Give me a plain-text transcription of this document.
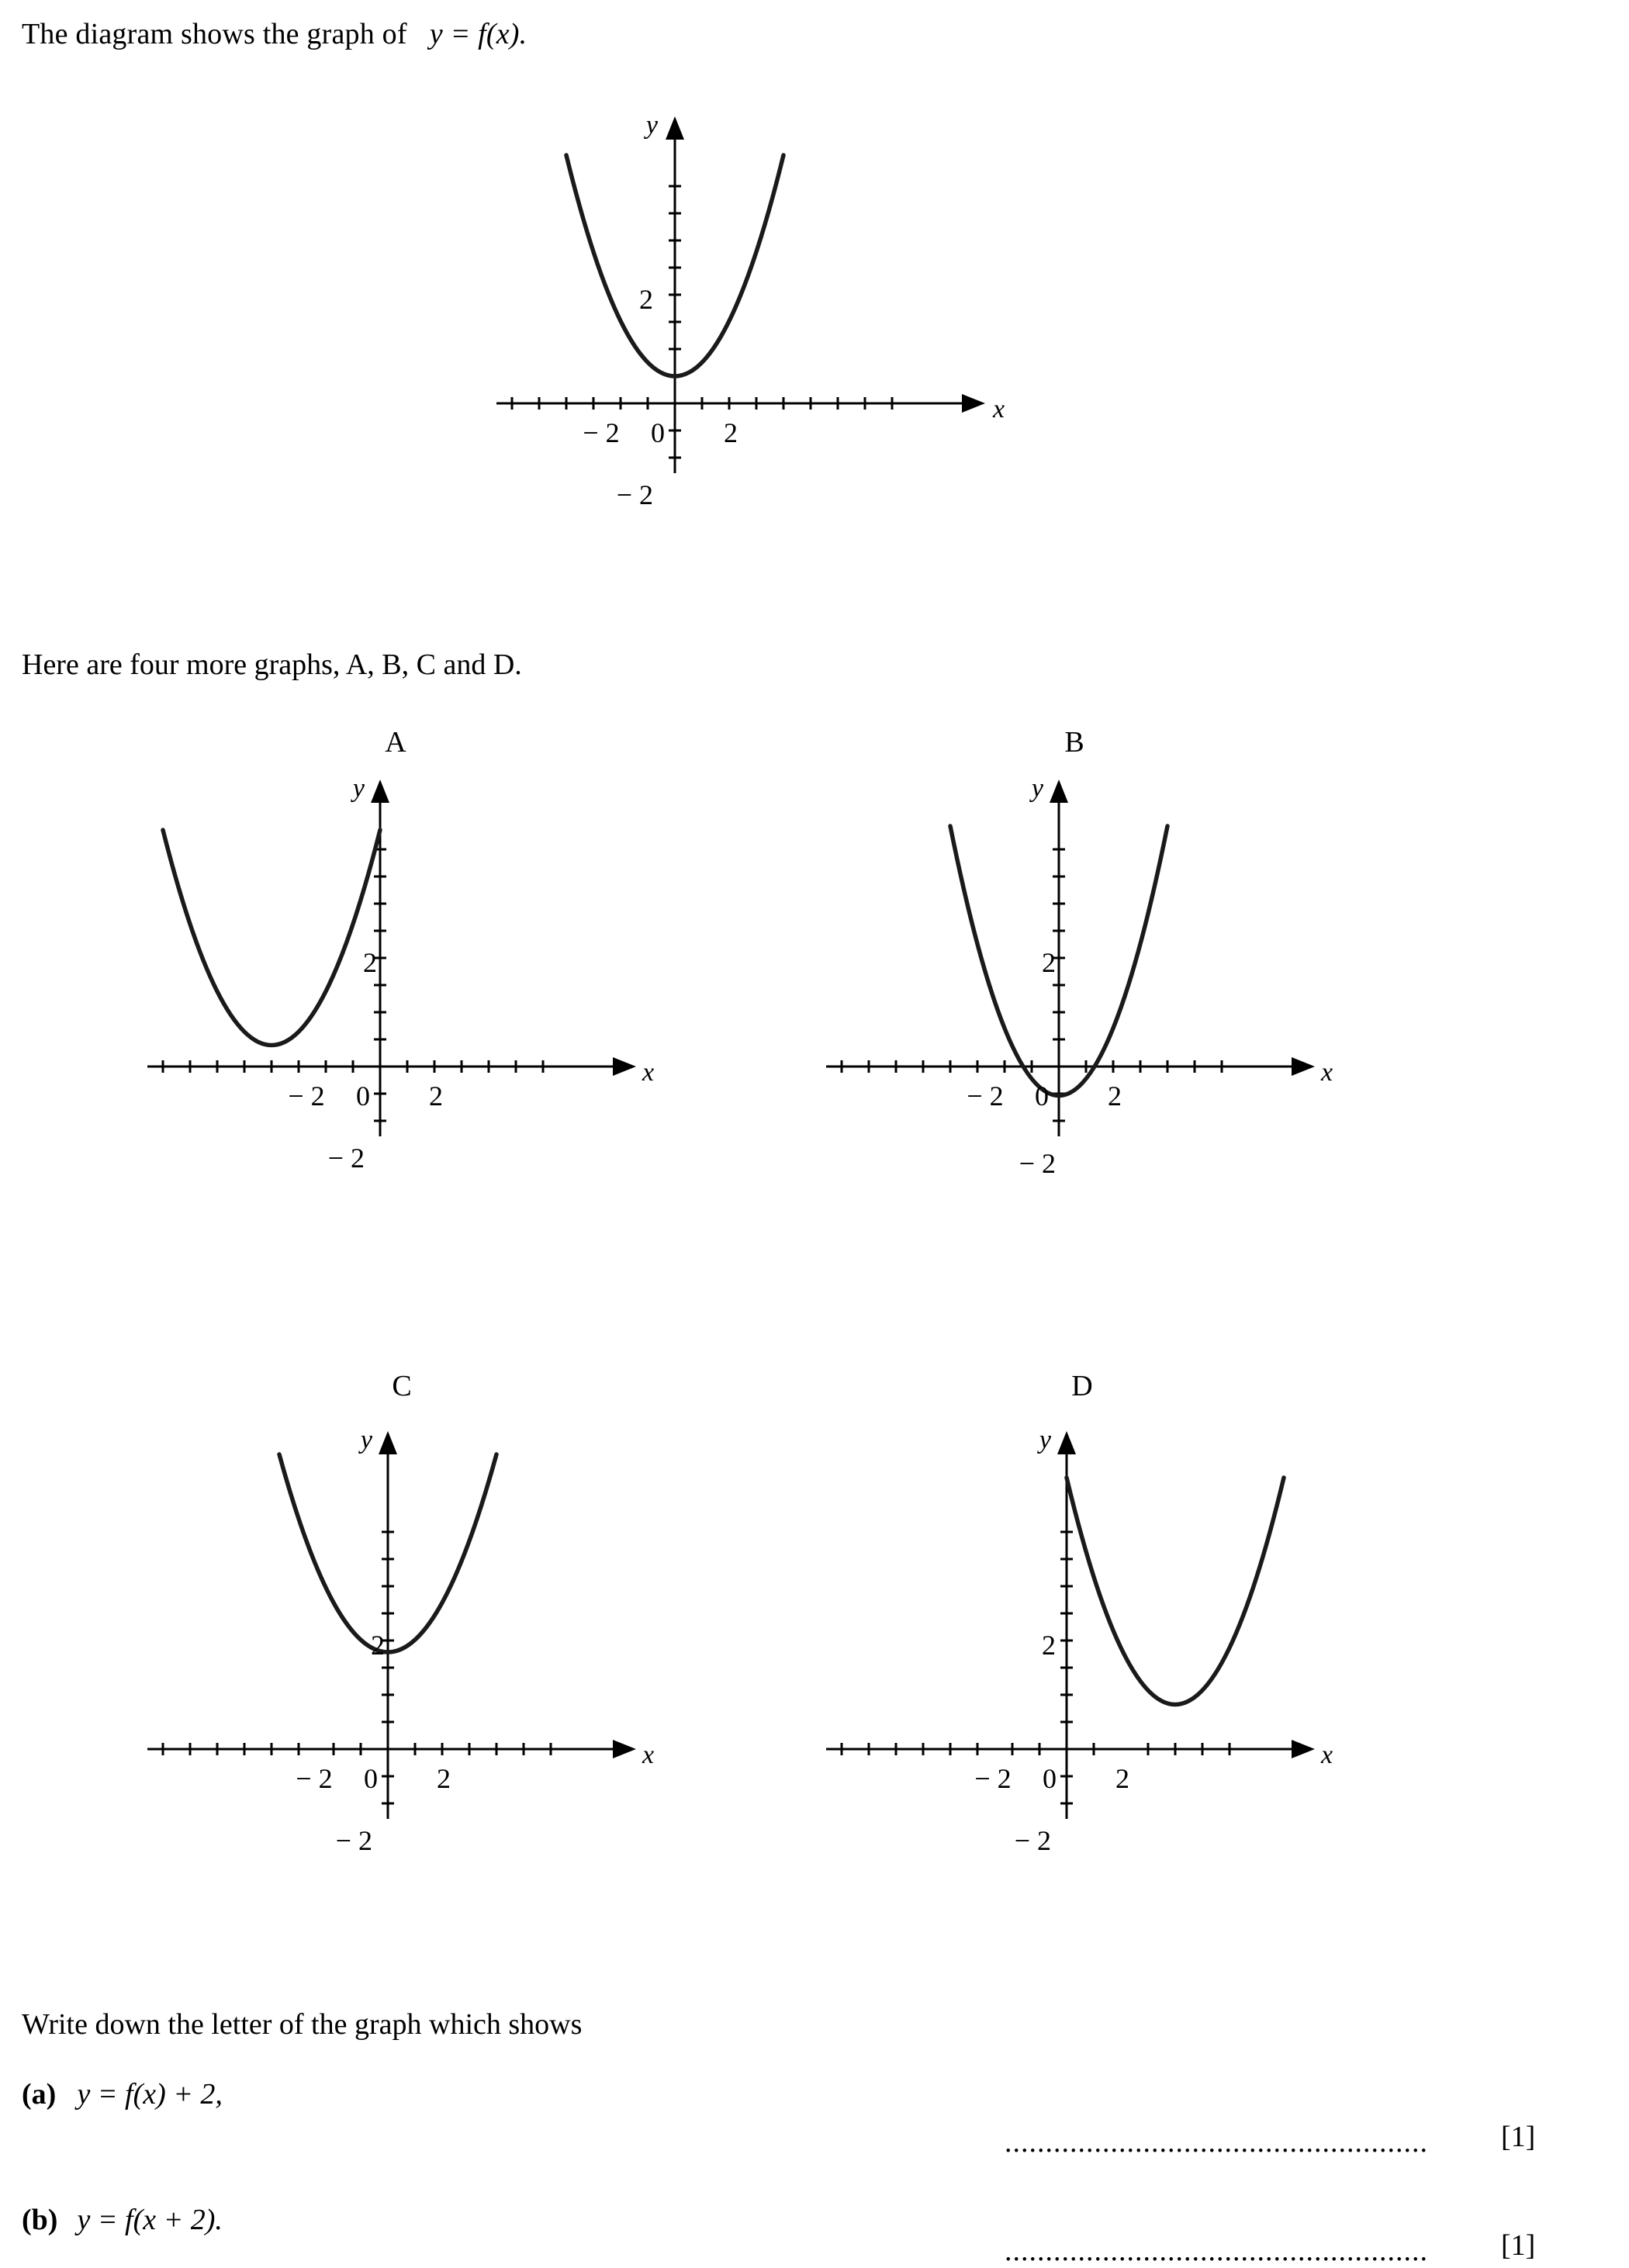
The diagram shows the graph of y = f(x).
− 2	2
0
2
− 2
x
y
Here are four more graphs, A, B, C and D.
A
− 2	2
0
2
− 2
x
y
B
− 2	2
0
2
− 2
x
y
C
− 2	2
0
2
− 2
x
y
D
− 2	2
0
2
− 2
x
y
Write down the letter of the graph which shows
(a) y = f(x) + 2,
.................................................... [1]
(b) y = f(x + 2).
.................................................... [1]
